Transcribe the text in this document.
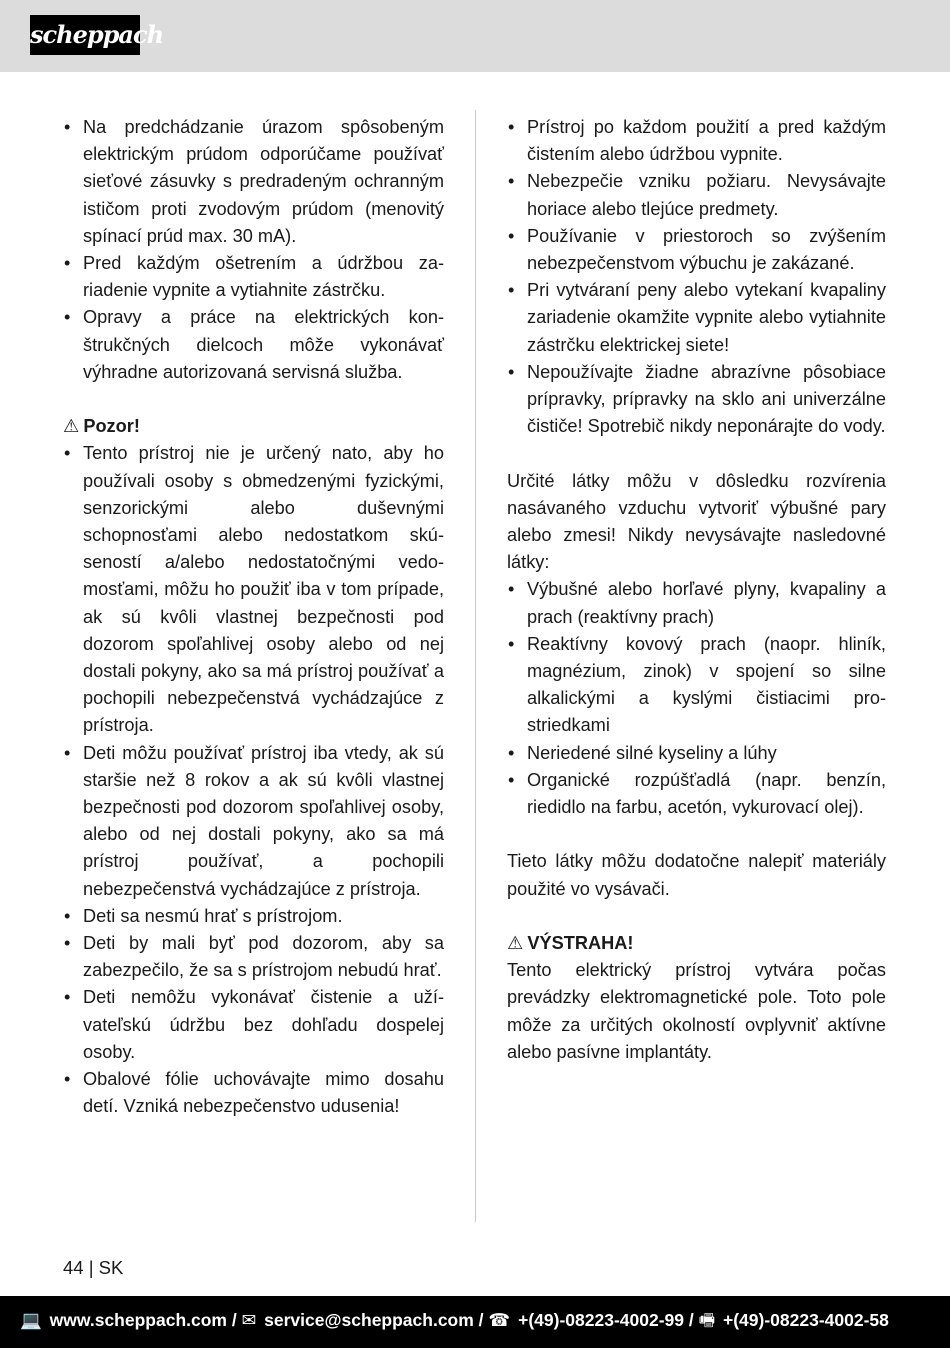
scheppach
• Na predchádzanie úrazom spôsobeným elektrickým prúdom odporúčame používať sieťové zásuvky s predradeným ochranným ističom proti zvodovým prúdom (menovitý spínací prúd max. 30 mA).
• Pred každým ošetrením a údržbou zariadenie vypnite a vytiahnite zástrčku.
• Opravy a práce na elektrických konštrukčných dielcoch môže vykonávať výhradne autorizovaná servisná služba.
⚠ Pozor!
• Tento prístroj nie je určený nato, aby ho používali osoby s obmedzenými fyzickými, senzorickými alebo duševnými schopnosťami alebo nedostatkom skúseností a/alebo nedostatočnými vedomosťami, môžu ho použiť iba v tom prípade, ak sú kvôli vlastnej bezpečnosti pod dozorom spoľahlivej osoby alebo od nej dostali pokyny, ako sa má prístroj používať a pochopili nebezpečenstvá vychádzajúce z prístroja.
• Deti môžu používať prístroj iba vtedy, ak sú staršie než 8 rokov a ak sú kvôli vlastnej bezpečnosti pod dozorom spoľahlivej osoby, alebo od nej dostali pokyny, ako sa má prístroj používať, a pochopili nebezpečenstvá vychádzajúce z prístroja.
• Deti sa nesmú hrať s prístrojom.
• Deti by mali byť pod dozorom, aby sa zabezpečilo, že sa s prístrojom nebudú hrať.
• Deti nemôžu vykonávať čistenie a užívateľskú údržbu bez dohľadu dospelej osoby.
• Obalové fólie uchovávajte mimo dosahu detí. Vzniká nebezpečenstvo udusenia!
• Prístroj po každom použití a pred každým čistením alebo údržbou vypnite.
• Nebezpečie vzniku požiaru. Nevysávajte horiace alebo tlejúce predmety.
• Používanie v priestoroch so zvýšením nebezpečenstvom výbuchu je zakázané.
• Pri vytváraní peny alebo vytekaní kvapaliny zariadenie okamžite vypnite alebo vytiahnite zástrčku elektrickej siete!
• Nepoužívajte žiadne abrazívne pôsobiace prípravky, prípravky na sklo ani univerzálne čističe! Spotrebič nikdy neponárajte do vody.

Určité látky môžu v dôsledku rozvírenia nasávaného vzduchu vytvoriť výbušné pary alebo zmesi! Nikdy nevysávajte nasledovné látky:

• Výbušné alebo horľavé plyny, kvapaliny a prach (reaktívny prach)
• Reaktívny kovový prach (naopr. hliník, magnézium, zinok) v spojení so silne alkalickými a kyslými čistiacimi prostriedkami
• Neriedené silné kyseliny a lúhy
• Organické rozpúšťadlá (napr. benzín, riedidlo na farbu, acetón, vykurovací olej).

Tieto látky môžu dodatočne nalepiť materiály použité vo vysávači.

⚠ VÝSTRAHA!

Tento elektrický prístroj vytvára počas prevádzky elektromagnetické pole. Toto pole môže za určitých okolností ovplyvniť aktívne alebo pasívne implantáty.

44 | SK
💻 www.scheppach.com / ✉ service@scheppach.com / ☎ +(49)-08223-4002-99 / 🖷 +(49)-08223-4002-58
